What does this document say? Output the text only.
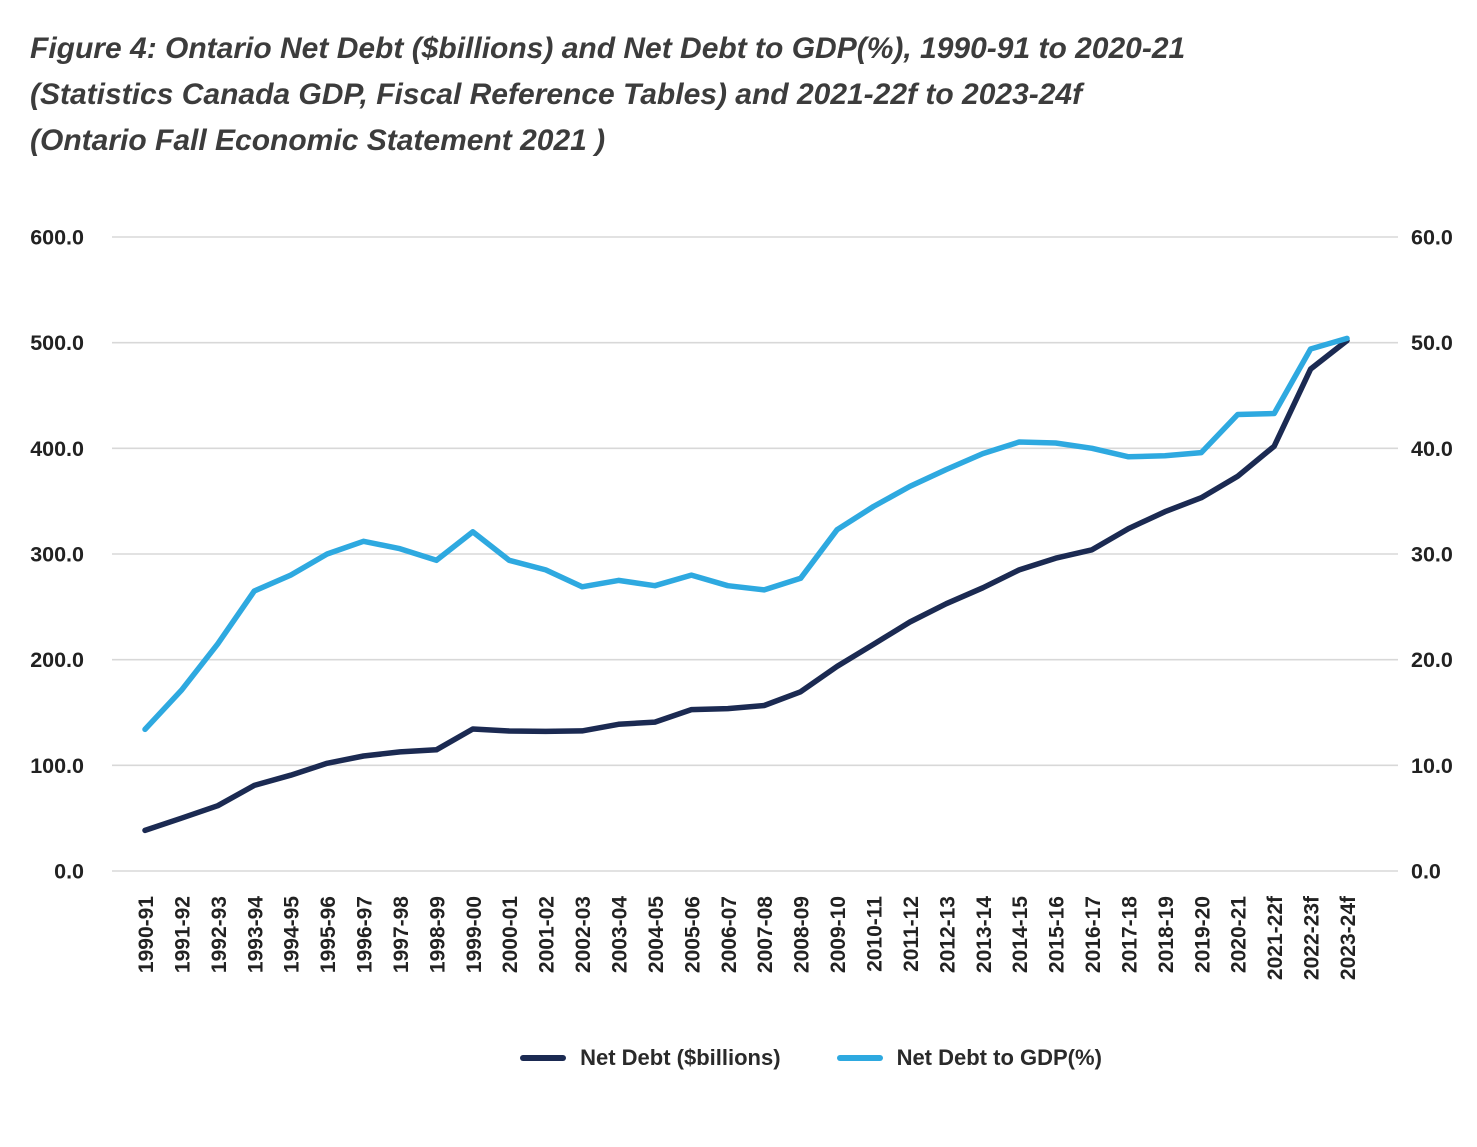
Figure 4: Ontario Net Debt ($billions) and Net Debt to GDP(%), 1990-91 to 2020-21
(Statistics Canada GDP, Fiscal Reference Tables) and 2021-22f to 2023-24f
(Ontario Fall Economic Statement 2021 )
600.0	60.0
500.0	50.0
400.0	40.0
300.0	30.0
200.0	20.0
100.0	10.0
0.0	0.0
1990-91 1991-92 1992-93 1993-94 1994-95 1995-96 1996-97 1997-98 1998-99 1999-00 2000-01 2001-02 2002-03 2003-04 2004-05 2005-06 2006-07 2007-08 2008-09 2009-10 2010-11 2011-12 2012-13 2013-14 2014-15 2015-16 2016-17 2017-18 2018-19 2019-20 2020-21 2021-22f 2022-23f 2023-24f
Net Debt ($billions)	Net Debt to GDP(%)
